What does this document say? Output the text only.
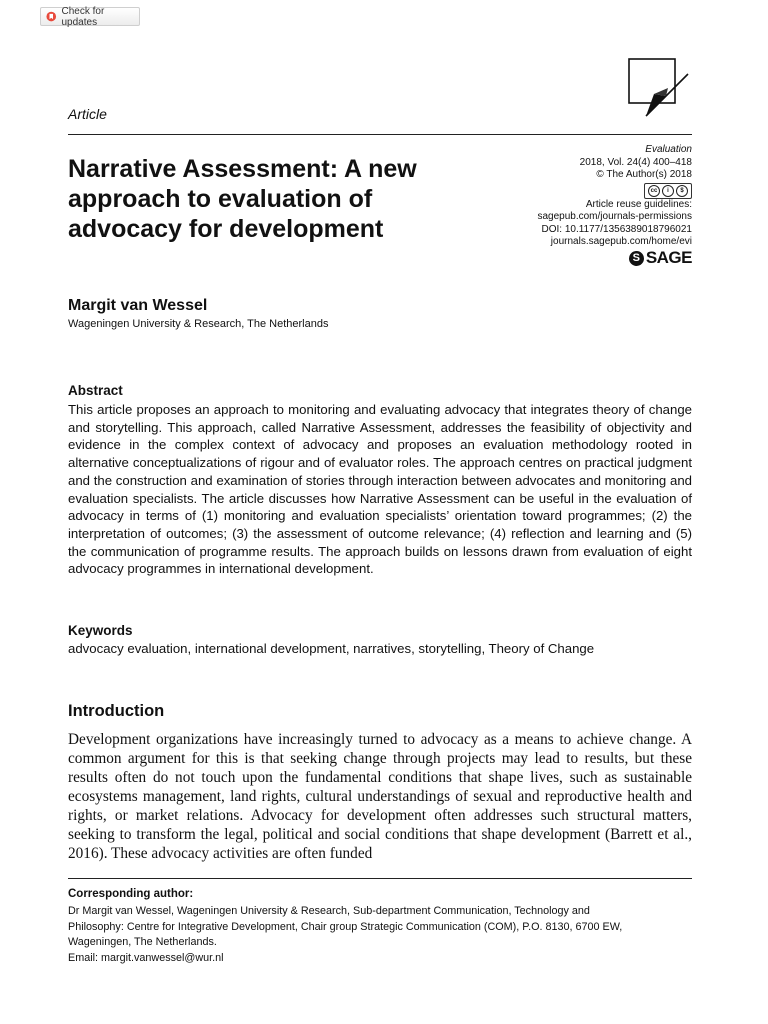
Check for updates
Article
Narrative Assessment: A new approach to evaluation of advocacy for development
Evaluation
2018, Vol. 24(4) 400–418
© The Author(s) 2018
cc	i	$
Article reuse guidelines:
sagepub.com/journals-permissions
DOI: 10.1177/1356389018796021
journals.sagepub.com/home/evi
S SAGE
Margit van Wessel
Wageningen University & Research, The Netherlands
Abstract

This article proposes an approach to monitoring and evaluating advocacy that integrates theory of change and storytelling. This approach, called Narrative Assessment, addresses the feasibility of objectivity and evidence in the complex context of advocacy and proposes an evaluation methodology rooted in alternative conceptualizations of rigour and of evaluator roles. The approach centres on practical judgment and the construction and examination of stories through interaction between advocates and monitoring and evaluation specialists. The article discusses how Narrative Assessment can be useful in the evaluation of advocacy in terms of (1) monitoring and evaluation specialists’ orientation toward programmes; (2) the interpretation of outcomes; (3) the assessment of outcome relevance; (4) reflection and learning and (5) the communication of programme results. The approach builds on lessons drawn from evaluation of eight advocacy programmes in international development.

Keywords
advocacy evaluation, international development, narratives, storytelling, Theory of Change
Introduction

Development organizations have increasingly turned to advocacy as a means to achieve change. A common argument for this is that seeking change through projects may lead to results, but these results often do not touch upon the fundamental conditions that shape lives, such as sustainable ecosystems management, land rights, cultural understandings of sexual and reproductive health and rights, or market relations. Advocacy for development often addresses such structural matters, seeking to transform the legal, political and social conditions that shape development (Barrett et al., 2016). These advocacy activities are often funded

Corresponding author:
Dr Margit van Wessel, Wageningen University & Research, Sub-department Communication, Technology and
Philosophy: Centre for Integrative Development, Chair group Strategic Communication (COM), P.O. 8130, 6700 EW,
Wageningen, The Netherlands.
Email: margit.vanwessel@wur.nl
